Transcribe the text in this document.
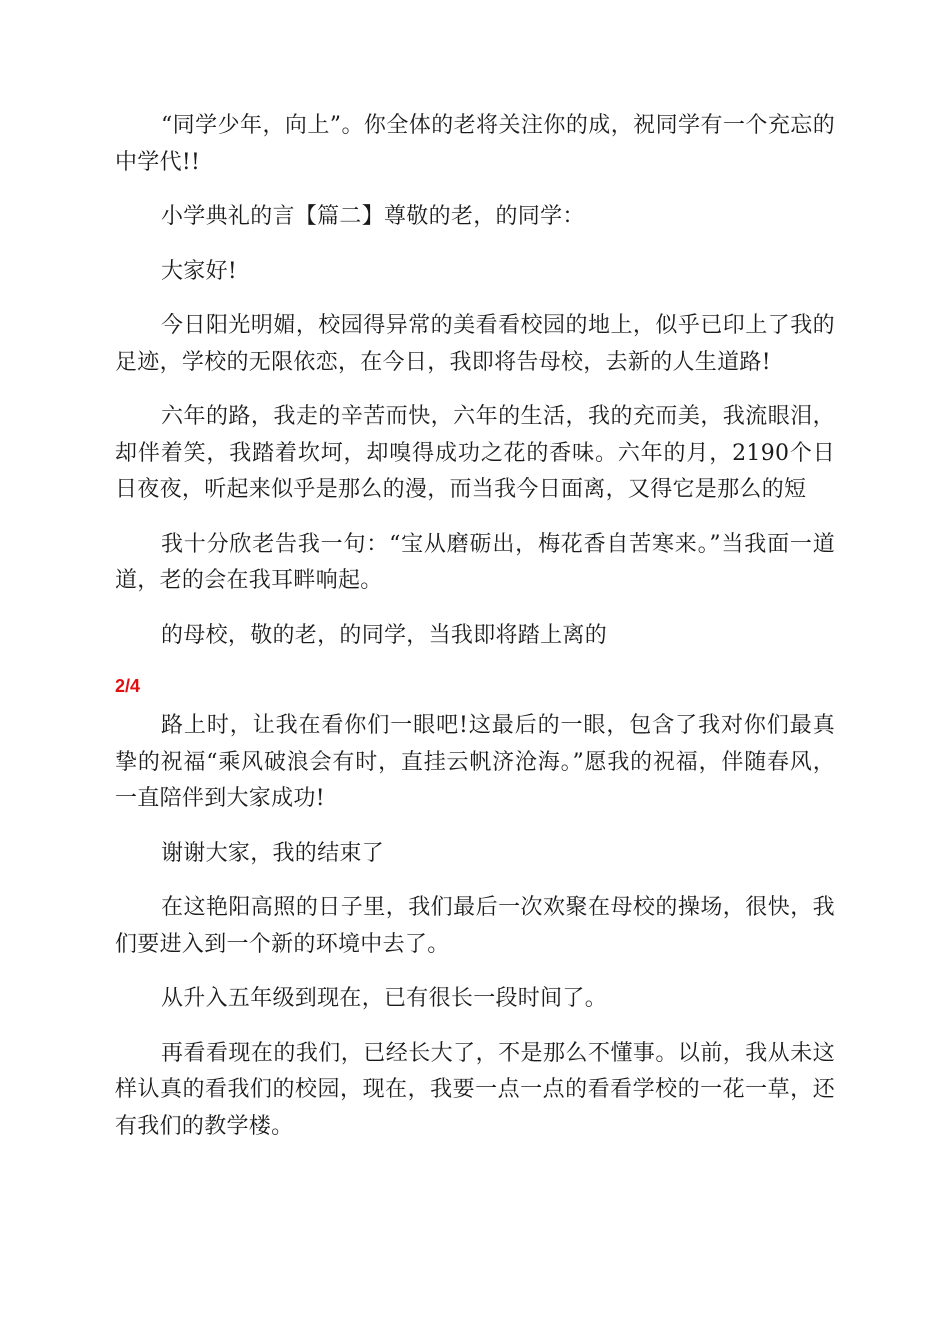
“同学少年，向上”。你全体的老将关注你的成，祝同学有一个充忘的中学代!!

小学典礼的言【篇二】尊敬的老，的同学：

大家好!

今日阳光明媚，校园得异常的美看看校园的地上，似乎已印上了我的足迹，学校的无限依恋，在今日，我即将告母校，去新的人生道路!

六年的路，我走的辛苦而快，六年的生活，我的充而美，我流眼泪，却伴着笑，我踏着坎坷，却嗅得成功之花的香味。六年的月，2190个日日夜夜，听起来似乎是那么的漫，而当我今日面离，又得它是那么的短

我十分欣老告我一句：“宝从磨砺出，梅花香自苦寒来。”当我面一道道，老的会在我耳畔响起。

的母校，敬的老，的同学，当我即将踏上离的

2/4

路上时，让我在看你们一眼吧!这最后的一眼，包含了我对你们最真挚的祝福“乘风破浪会有时，直挂云帆济沧海。”愿我的祝福，伴随春风，一直陪伴到大家成功!

谢谢大家，我的结束了

在这艳阳高照的日子里，我们最后一次欢聚在母校的操场，很快，我们要进入到一个新的环境中去了。

从升入五年级到现在，已有很长一段时间了。

再看看现在的我们，已经长大了，不是那么不懂事。以前，我从未这样认真的看我们的校园，现在，我要一点一点的看看学校的一花一草，还有我们的教学楼。
